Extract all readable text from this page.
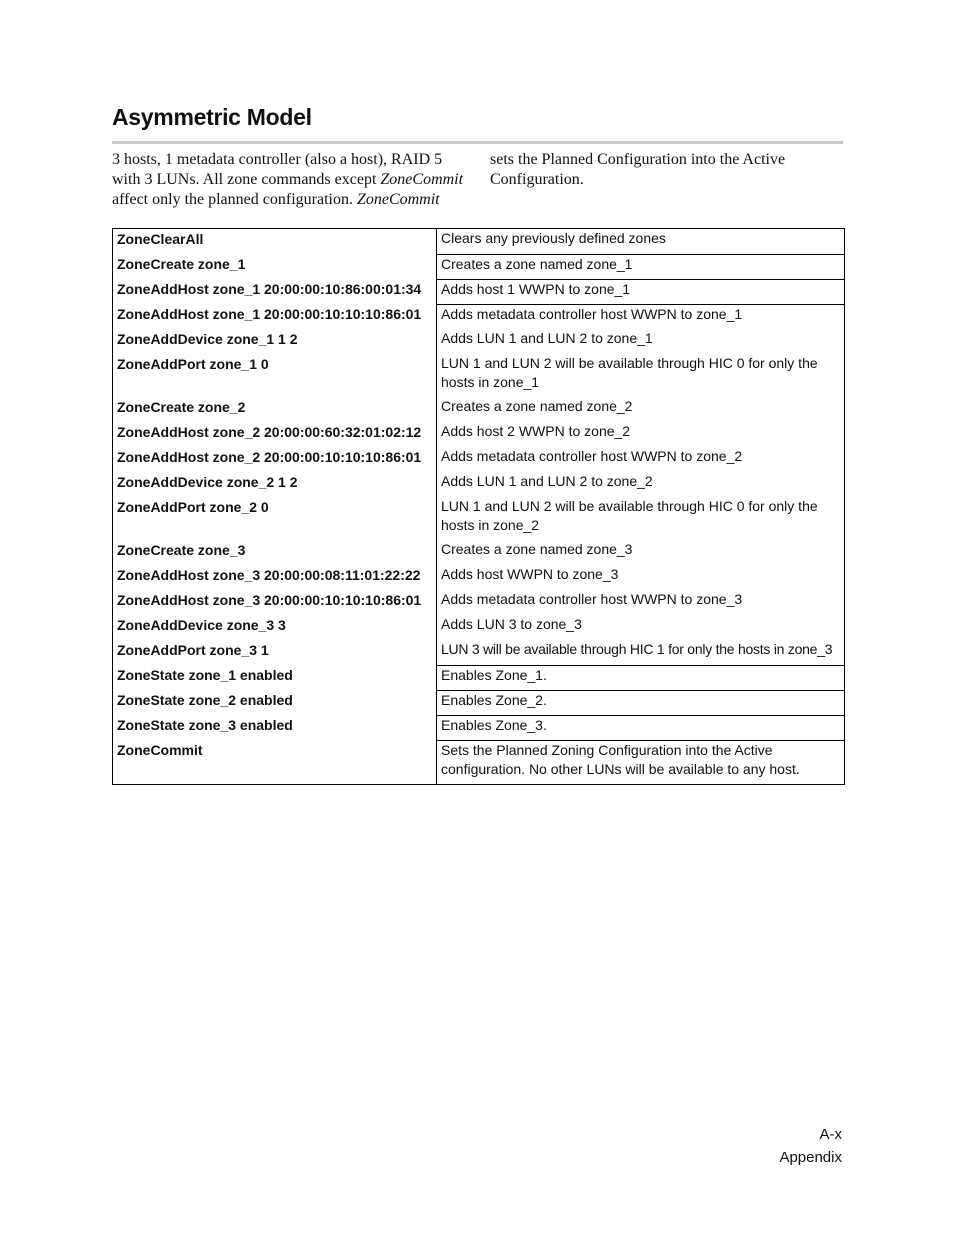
Asymmetric Model
3 hosts, 1 metadata controller (also a host), RAID 5 with 3 LUNs. All zone commands except ZoneCommit affect only the planned configuration. ZoneCommit
sets the Planned Configuration into the Active Configuration.
ZoneClearAll	Clears any previously defined zones
ZoneCreate zone_1	Creates a zone named zone_1
ZoneAddHost zone_1 20:00:00:10:86:00:01:34	Adds host 1 WWPN to zone_1
ZoneAddHost zone_1 20:00:00:10:10:10:86:01	Adds metadata controller host WWPN to zone_1
ZoneAddDevice zone_1 1 2	Adds LUN 1 and LUN 2 to zone_1
ZoneAddPort zone_1 0	LUN 1 and LUN 2 will be available through HIC 0 for only the hosts in zone_1
ZoneCreate zone_2	Creates a zone named zone_2
ZoneAddHost zone_2 20:00:00:60:32:01:02:12	Adds host 2 WWPN to zone_2
ZoneAddHost zone_2 20:00:00:10:10:10:86:01	Adds metadata controller host WWPN to zone_2
ZoneAddDevice zone_2 1 2	Adds LUN 1 and LUN 2 to zone_2
ZoneAddPort zone_2 0	LUN 1 and LUN 2 will be available through HIC 0 for only the hosts in zone_2
ZoneCreate zone_3	Creates a zone named zone_3
ZoneAddHost zone_3 20:00:00:08:11:01:22:22	Adds host WWPN to zone_3
ZoneAddHost zone_3 20:00:00:10:10:10:86:01	Adds metadata controller host WWPN to zone_3
ZoneAddDevice zone_3 3	Adds LUN 3 to zone_3
ZoneAddPort zone_3 1	LUN 3 will be available through HIC 1 for only the hosts in zone_3
ZoneState zone_1 enabled	Enables Zone_1.
ZoneState zone_2 enabled	Enables Zone_2.
ZoneState zone_3 enabled	Enables Zone_3.
ZoneCommit	Sets the Planned Zoning Configuration into the Active configuration. No other LUNs will be available to any host.
A-x
Appendix
